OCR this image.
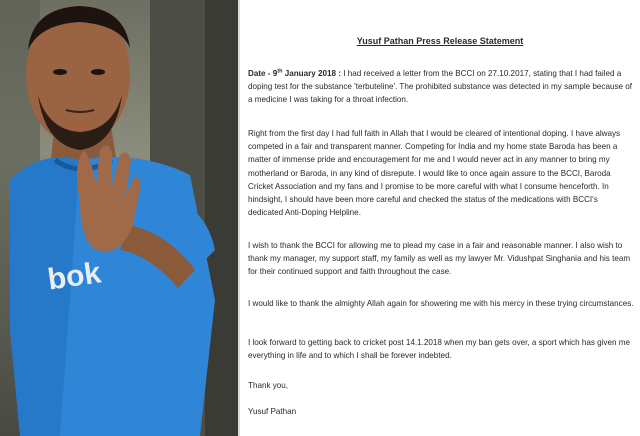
bok
Yusuf Pathan Press Release Statement

Date - 9th January 2018 : I had received a letter from the BCCI on 27.10.2017, stating that I had failed a doping test for the substance 'terbuteline'. The prohibited substance was detected in my sample because of a medicine I was taking for a throat infection.

Right from the first day I had full faith in Allah that I would be cleared of intentional doping. I have always competed in a fair and transparent manner. Competing for India and my home state Baroda has been a matter of immense pride and encouragement for me and I would never act in any manner to bring my motherland or Baroda, in any kind of disrepute. I would like to once again assure to the BCCI, Baroda Cricket Association and my fans and I promise to be more careful with what I consume henceforth. In hindsight, I should have been more careful and checked the status of the medications with BCCI's dedicated Anti-Doping Helpline.

I wish to thank the BCCI for allowing me to plead my case in a fair and reasonable manner. I also wish to thank my manager, my support staff, my family as well as my lawyer Mr. Vidushpat Singhania and his team for their continued support and faith throughout the case.

I would like to thank the almighty Allah again for showering me with his mercy in these trying circumstances.

I look forward to getting back to cricket post 14.1.2018 when my ban gets over, a sport which has given me everything in life and to which I shall be forever indebted.

Thank you,

Yusuf Pathan
